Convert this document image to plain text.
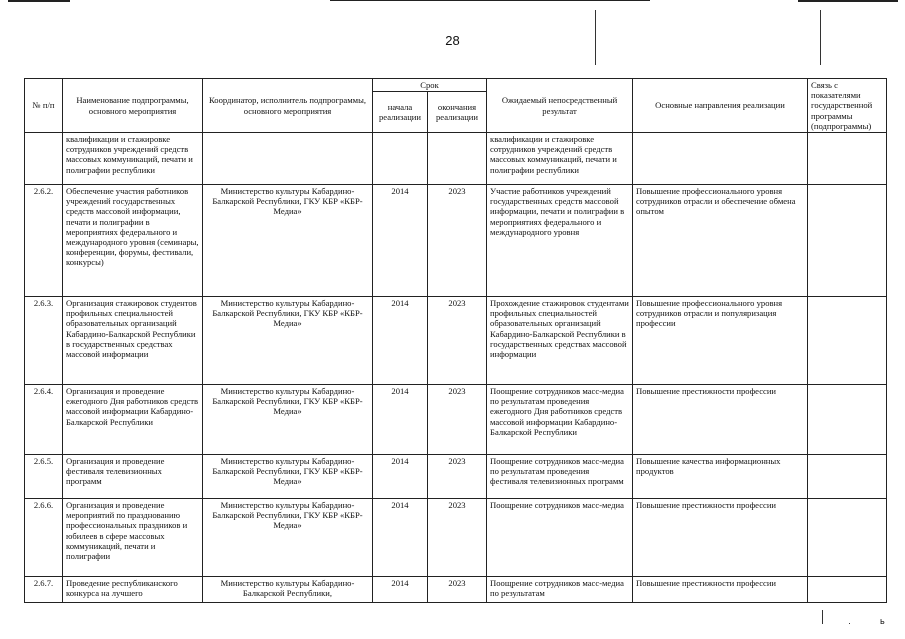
28
№ п/п	Наименование подпрограммы, основного мероприятия	Координатор, исполнитель подпрограммы, основного мероприятия	Срок		Ожидаемый непосредственный результат	Основные направления реализации	Связь с показателями государственной программы (подпрограммы)
			начала реализации	окончания реализации			
	квалификации и стажировке сотрудников учреждений средств массовых коммуникаций, печати и полиграфии республики				квалификации и стажировке сотрудников учреждений средств массовых коммуникаций, печати и полиграфии республики		
2.6.2.	Обеспечение участия работников учреждений государственных средств массовой информации, печати и полиграфии в мероприятиях федерального и международного уровня (семинары, конференции, форумы, фестивали, конкурсы)	Министерство культуры Кабардино-Балкарской Республики, ГКУ КБР «КБР-Медиа»	2014	2023	Участие работников учреждений государственных средств массовой информации, печати и полиграфии в мероприятиях федерального и международного уровня	Повышение профессионального уровня сотрудников отрасли и обеспечение обмена опытом	
2.6.3.	Организация стажировок студентов профильных специальностей образовательных организаций Кабардино-Балкарской Республики в государственных средствах массовой информации	Министерство культуры Кабардино-Балкарской Республики, ГКУ КБР «КБР-Медиа»	2014	2023	Прохождение стажировок студентами профильных специальностей образовательных организаций Кабардино-Балкарской Республики в государственных средствах массовой информации	Повышение профессионального уровня сотрудников отрасли и популяризация профессии	
2.6.4.	Организация и проведение ежегодного Дня работников средств массовой информации Кабардино-Балкарской Республики	Министерство культуры Кабардино-Балкарской Республики, ГКУ КБР «КБР-Медиа»	2014	2023	Поощрение сотрудников масс-медиа по результатам проведения ежегодного Дня работников средств массовой информации Кабардино-Балкарской Республики	Повышение престижности профессии	
2.6.5.	Организация и проведение фестиваля телевизионных программ	Министерство культуры Кабардино-Балкарской Республики, ГКУ КБР «КБР-Медиа»	2014	2023	Поощрение сотрудников масс-медиа по результатам проведения фестиваля телевизионных программ	Повышение качества информационных продуктов	
2.6.6.	Организация и проведение мероприятий по празднованию профессиональных праздников и юбилеев в сфере массовых коммуникаций, печати и полиграфии	Министерство культуры Кабардино-Балкарской Республики, ГКУ КБР «КБР-Медиа»	2014	2023	Поощрение сотрудников масс-медиа	Повышение престижности профессии	
2.6.7.	Проведение республиканского конкурса на лучшего	Министерство культуры Кабардино-Балкарской Республики,	2014	2023	Поощрение сотрудников масс-медиа по результатам	Повышение престижности профессии	
·	ь
